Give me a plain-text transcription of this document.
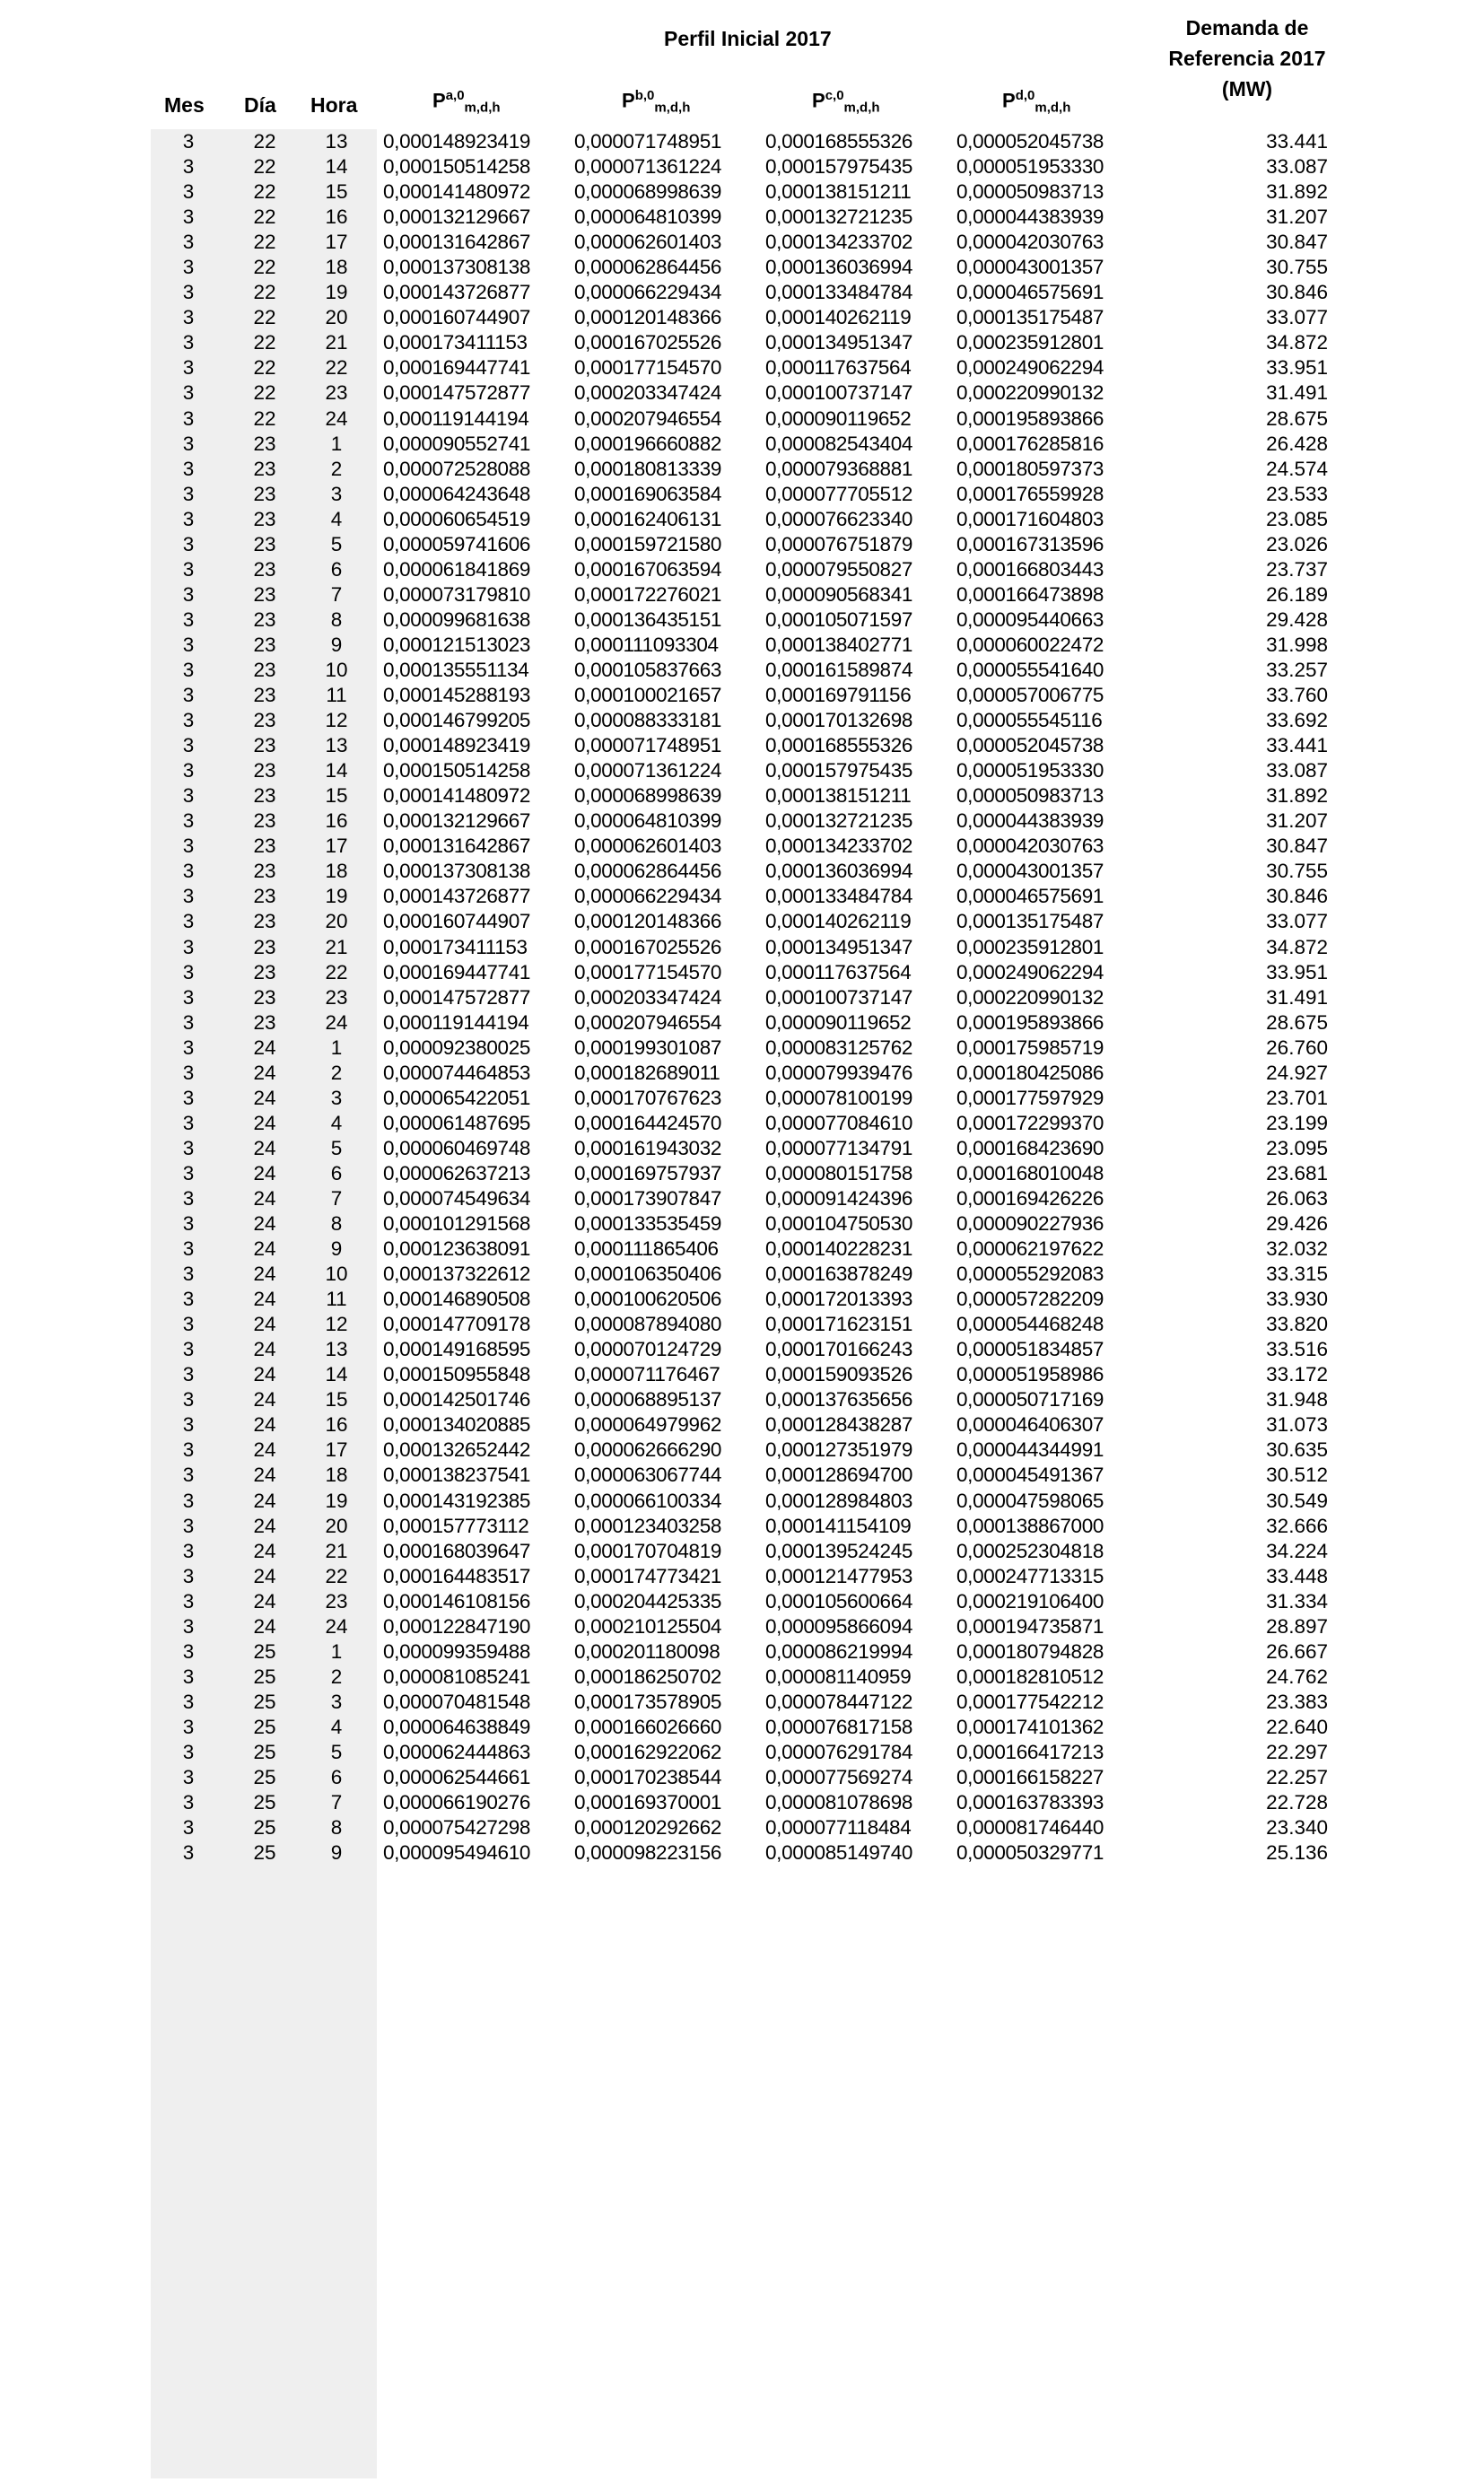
Perfil Inicial 2017
Mes Día Hora	P$^{a,0}_{m,d,h}$	P$^{b,0}_{m,d,h}$	P$^{c,0}_{m,d,h}$	P$^{d,0}_{m,d,h}$
Demanda de
Referencia 2017
(MW)
3	22	13	0,000148923419	0,000071748951	0,000168555326	0,000052045738	33.441
3	22	14	0,000150514258	0,000071361224	0,000157975435	0,000051953330	33.087
3	22	15	0,000141480972	0,000068998639	0,000138151211	0,000050983713	31.892
3	22	16	0,000132129667	0,000064810399	0,000132721235	0,000044383939	31.207
3	22	17	0,000131642867	0,000062601403	0,000134233702	0,000042030763	30.847
3	22	18	0,000137308138	0,000062864456	0,000136036994	0,000043001357	30.755
3	22	19	0,000143726877	0,000066229434	0,000133484784	0,000046575691	30.846
3	22	20	0,000160744907	0,000120148366	0,000140262119	0,000135175487	33.077
3	22	21	0,000173411153	0,000167025526	0,000134951347	0,000235912801	34.872
3	22	22	0,000169447741	0,000177154570	0,000117637564	0,000249062294	33.951
3	22	23	0,000147572877	0,000203347424	0,000100737147	0,000220990132	31.491
3	22	24	0,000119144194	0,000207946554	0,000090119652	0,000195893866	28.675
3	23	1	0,000090552741	0,000196660882	0,000082543404	0,000176285816	26.428
3	23	2	0,000072528088	0,000180813339	0,000079368881	0,000180597373	24.574
3	23	3	0,000064243648	0,000169063584	0,000077705512	0,000176559928	23.533
3	23	4	0,000060654519	0,000162406131	0,000076623340	0,000171604803	23.085
3	23	5	0,000059741606	0,000159721580	0,000076751879	0,000167313596	23.026
3	23	6	0,000061841869	0,000167063594	0,000079550827	0,000166803443	23.737
3	23	7	0,000073179810	0,000172276021	0,000090568341	0,000166473898	26.189
3	23	8	0,000099681638	0,000136435151	0,000105071597	0,000095440663	29.428
3	23	9	0,000121513023	0,000111093304	0,000138402771	0,000060022472	31.998
3	23	10	0,000135551134	0,000105837663	0,000161589874	0,000055541640	33.257
3	23	11	0,000145288193	0,000100021657	0,000169791156	0,000057006775	33.760
3	23	12	0,000146799205	0,000088333181	0,000170132698	0,000055545116	33.692
3	23	13	0,000148923419	0,000071748951	0,000168555326	0,000052045738	33.441
3	23	14	0,000150514258	0,000071361224	0,000157975435	0,000051953330	33.087
3	23	15	0,000141480972	0,000068998639	0,000138151211	0,000050983713	31.892
3	23	16	0,000132129667	0,000064810399	0,000132721235	0,000044383939	31.207
3	23	17	0,000131642867	0,000062601403	0,000134233702	0,000042030763	30.847
3	23	18	0,000137308138	0,000062864456	0,000136036994	0,000043001357	30.755
3	23	19	0,000143726877	0,000066229434	0,000133484784	0,000046575691	30.846
3	23	20	0,000160744907	0,000120148366	0,000140262119	0,000135175487	33.077
3	23	21	0,000173411153	0,000167025526	0,000134951347	0,000235912801	34.872
3	23	22	0,000169447741	0,000177154570	0,000117637564	0,000249062294	33.951
3	23	23	0,000147572877	0,000203347424	0,000100737147	0,000220990132	31.491
3	23	24	0,000119144194	0,000207946554	0,000090119652	0,000195893866	28.675
3	24	1	0,000092380025	0,000199301087	0,000083125762	0,000175985719	26.760
3	24	2	0,000074464853	0,000182689011	0,000079939476	0,000180425086	24.927
3	24	3	0,000065422051	0,000170767623	0,000078100199	0,000177597929	23.701
3	24	4	0,000061487695	0,000164424570	0,000077084610	0,000172299370	23.199
3	24	5	0,000060469748	0,000161943032	0,000077134791	0,000168423690	23.095
3	24	6	0,000062637213	0,000169757937	0,000080151758	0,000168010048	23.681
3	24	7	0,000074549634	0,000173907847	0,000091424396	0,000169426226	26.063
3	24	8	0,000101291568	0,000133535459	0,000104750530	0,000090227936	29.426
3	24	9	0,000123638091	0,000111865406	0,000140228231	0,000062197622	32.032
3	24	10	0,000137322612	0,000106350406	0,000163878249	0,000055292083	33.315
3	24	11	0,000146890508	0,000100620506	0,000172013393	0,000057282209	33.930
3	24	12	0,000147709178	0,000087894080	0,000171623151	0,000054468248	33.820
3	24	13	0,000149168595	0,000070124729	0,000170166243	0,000051834857	33.516
3	24	14	0,000150955848	0,000071176467	0,000159093526	0,000051958986	33.172
3	24	15	0,000142501746	0,000068895137	0,000137635656	0,000050717169	31.948
3	24	16	0,000134020885	0,000064979962	0,000128438287	0,000046406307	31.073
3	24	17	0,000132652442	0,000062666290	0,000127351979	0,000044344991	30.635
3	24	18	0,000138237541	0,000063067744	0,000128694700	0,000045491367	30.512
3	24	19	0,000143192385	0,000066100334	0,000128984803	0,000047598065	30.549
3	24	20	0,000157773112	0,000123403258	0,000141154109	0,000138867000	32.666
3	24	21	0,000168039647	0,000170704819	0,000139524245	0,000252304818	34.224
3	24	22	0,000164483517	0,000174773421	0,000121477953	0,000247713315	33.448
3	24	23	0,000146108156	0,000204425335	0,000105600664	0,000219106400	31.334
3	24	24	0,000122847190	0,000210125504	0,000095866094	0,000194735871	28.897
3	25	1	0,000099359488	0,000201180098	0,000086219994	0,000180794828	26.667
3	25	2	0,000081085241	0,000186250702	0,000081140959	0,000182810512	24.762
3	25	3	0,000070481548	0,000173578905	0,000078447122	0,000177542212	23.383
3	25	4	0,000064638849	0,000166026660	0,000076817158	0,000174101362	22.640
3	25	5	0,000062444863	0,000162922062	0,000076291784	0,000166417213	22.297
3	25	6	0,000062544661	0,000170238544	0,000077569274	0,000166158227	22.257
3	25	7	0,000066190276	0,000169370001	0,000081078698	0,000163783393	22.728
3	25	8	0,000075427298	0,000120292662	0,000077118484	0,000081746440	23.340
3	25	9	0,000095494610	0,000098223156	0,000085149740	0,000050329771	25.136
